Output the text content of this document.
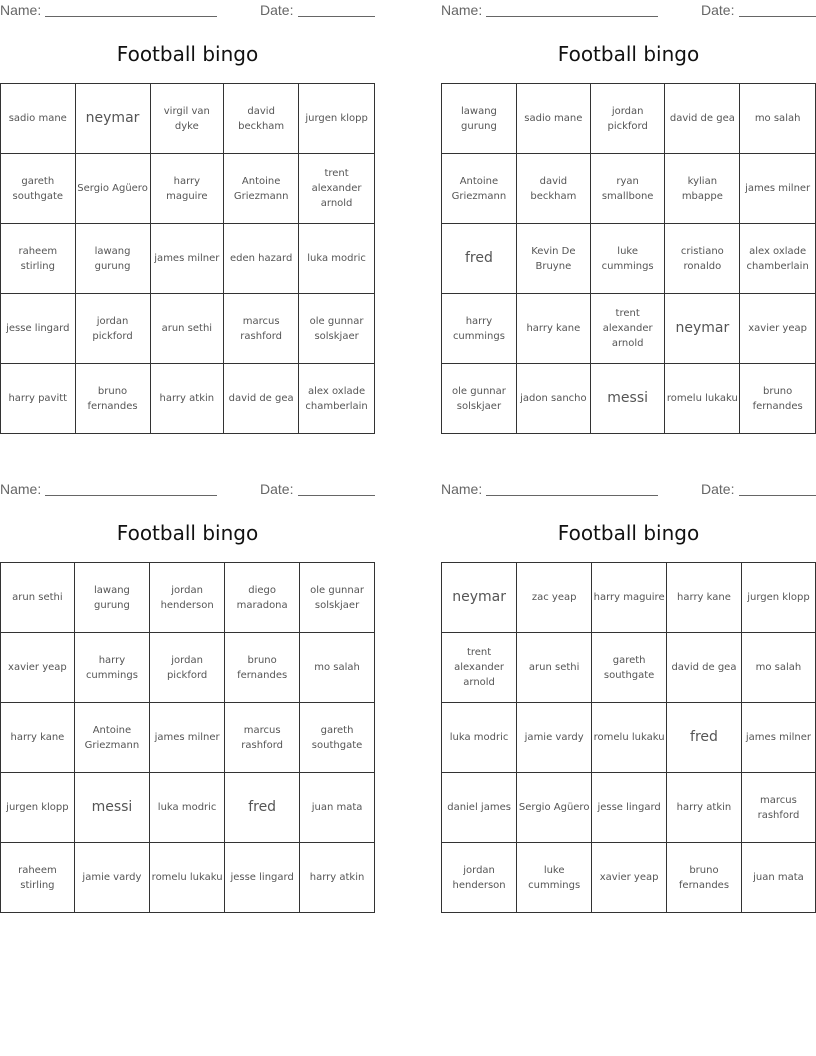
Name:	Date:
Football bingo
sadio mane	neymar	virgil van dyke	david beckham	jurgen klopp
gareth southgate	Sergio Agüero	harry maguire	Antoine Griezmann	trent alexander arnold
raheem stirling	lawang gurung	james milner	eden hazard	luka modric
jesse lingard	jordan pickford	arun sethi	marcus rashford	ole gunnar solskjaer
harry pavitt	bruno fernandes	harry atkin	david de gea	alex oxlade chamberlain
Name:	Date:
Football bingo
lawang gurung	sadio mane	jordan pickford	david de gea	mo salah
Antoine Griezmann	david beckham	ryan smallbone	kylian mbappe	james milner
fred	Kevin De Bruyne	luke cummings	cristiano ronaldo	alex oxlade chamberlain
harry cummings	harry kane	trent alexander arnold	neymar	xavier yeap
ole gunnar solskjaer	jadon sancho	messi	romelu lukaku	bruno fernandes
Name:	Date:
Football bingo
arun sethi	lawang gurung	jordan henderson	diego maradona	ole gunnar solskjaer
xavier yeap	harry cummings	jordan pickford	bruno fernandes	mo salah
harry kane	Antoine Griezmann	james milner	marcus rashford	gareth southgate
jurgen klopp	messi	luka modric	fred	juan mata
raheem stirling	jamie vardy	romelu lukaku	jesse lingard	harry atkin
Name:	Date:
Football bingo
neymar	zac yeap	harry maguire	harry kane	jurgen klopp
trent alexander arnold	arun sethi	gareth southgate	david de gea	mo salah
luka modric	jamie vardy	romelu lukaku	fred	james milner
daniel james	Sergio Agüero	jesse lingard	harry atkin	marcus rashford
jordan henderson	luke cummings	xavier yeap	bruno fernandes	juan mata
